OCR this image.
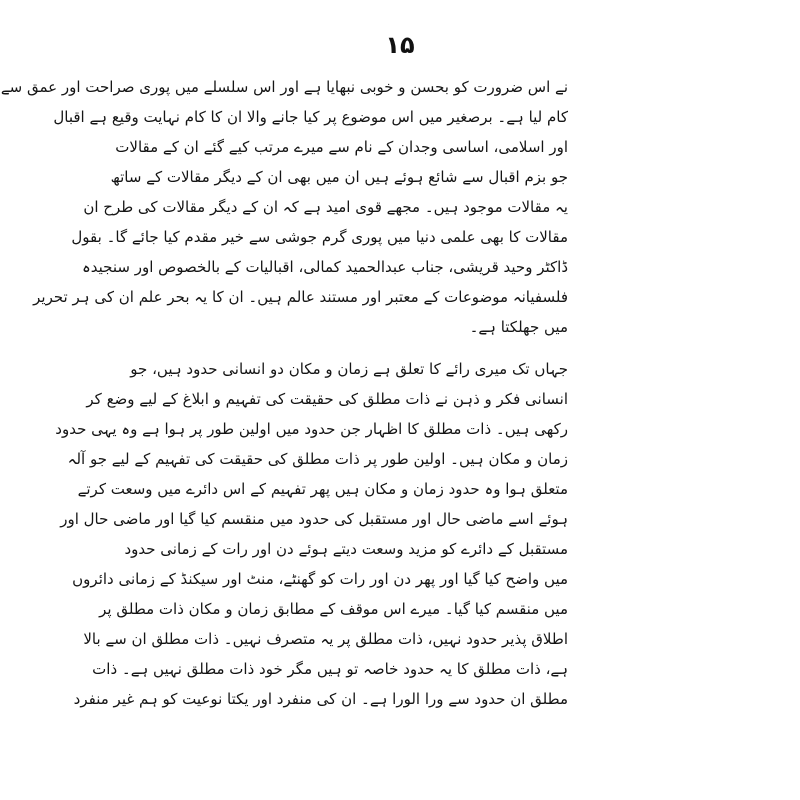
۱۵
نے اس ضرورت کو بحسن و خوبی نبھایا ہے اور اس سلسلے میں پوری صراحت اور عمق سے
کام لیا ہے۔ برصغیر میں اس موضوع پر کیا جانے والا ان کا کام نہایت وقیع ہے اقبال
اور اسلامی، اساسی وجدان کے نام سے میرے مرتب کیے گئے ان کے مقالات
جو بزم اقبال سے شائع ہوئے ہیں ان میں بھی ان کے دیگر مقالات کے ساتھ
یہ مقالات موجود ہیں۔ مجھے قوی امید ہے کہ ان کے دیگر مقالات کی طرح ان
مقالات کا بھی علمی دنیا میں پوری گرم جوشی سے خیر مقدم کیا جائے گا۔ بقول
ڈاکٹر وحید قریشی، جناب عبدالحمید کمالی، اقبالیات کے بالخصوص اور سنجیدہ
فلسفیانہ موضوعات کے معتبر اور مستند عالم ہیں۔ ان کا یہ بحر علم ان کی ہر تحریر
میں جھلکتا ہے۔
جہاں تک میری رائے کا تعلق ہے زمان و مکان دو انسانی حدود ہیں، جو
انسانی فکر و ذہن نے ذات مطلق کی حقیقت کی تفہیم و ابلاغ کے لیے وضع کر
رکھی ہیں۔ ذات مطلق کا اظہار جن حدود میں اولین طور پر ہوا ہے وہ یہی حدود
زمان و مکان ہیں۔ اولین طور پر ذات مطلق کی حقیقت کی تفہیم کے لیے جو آلہ
متعلق ہوا وہ حدود زمان و مکان ہیں پھر تفہیم کے اس دائرے میں وسعت کرتے
ہوئے اسے ماضی حال اور مستقبل کی حدود میں منقسم کیا گیا اور ماضی حال اور
مستقبل کے دائرے کو مزید وسعت دیتے ہوئے دن اور رات کے زمانی حدود
میں واضح کیا گیا اور پھر دن اور رات کو گھنٹے، منٹ اور سیکنڈ کے زمانی دائروں
میں منقسم کیا گیا۔ میرے اس موقف کے مطابق زمان و مکان ذات مطلق پر
اطلاق پذیر حدود نہیں، ذات مطلق پر یہ متصرف نہیں۔ ذات مطلق ان سے بالا
ہے، ذات مطلق کا یہ حدود خاصہ تو ہیں مگر خود ذات مطلق نہیں ہے۔ ذات
مطلق ان حدود سے ورا الورا ہے۔ ان کی منفرد اور یکتا نوعیت کو ہم غیر منفرد
